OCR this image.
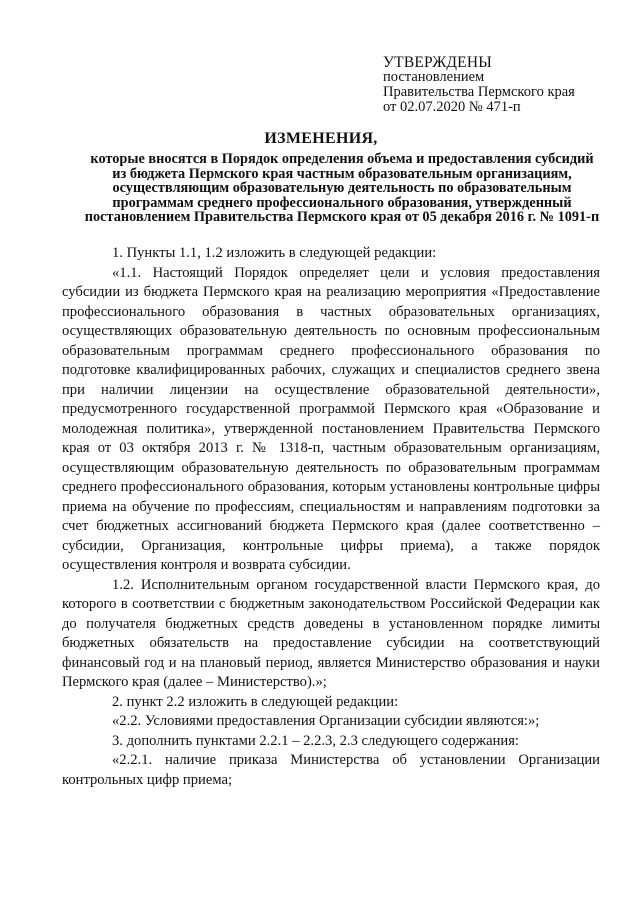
УТВЕРЖДЕНЫ
постановлением
Правительства Пермского края
от 02.07.2020 № 471-п
ИЗМЕНЕНИЯ,
которые вносятся в Порядок определения объема и предоставления субсидий из бюджета Пермского края частным образовательным организациям, осуществляющим образовательную деятельность по образовательным программам среднего профессионального образования, утвержденный постановлением Правительства Пермского края от 05 декабря 2016 г. № 1091-п

1. Пункты 1.1, 1.2 изложить в следующей редакции:

«1.1. Настоящий Порядок определяет цели и условия предоставления субсидии из бюджета Пермского края на реализацию мероприятия «Предоставление профессионального образования в частных образовательных организациях, осуществляющих образовательную деятельность по основным профессиональным образовательным программам среднего профессионального образования по подготовке квалифицированных рабочих, служащих и специалистов среднего звена при наличии лицензии на осуществление образовательной деятельности», предусмотренного государственной программой Пермского края «Образование и молодежная политика», утвержденной постановлением Правительства Пермского края от 03 октября 2013 г. № 1318-п, частным образовательным организациям, осуществляющим образовательную деятельность по образовательным программам среднего профессионального образования, которым установлены контрольные цифры приема на обучение по профессиям, специальностям и направлениям подготовки за счет бюджетных ассигнований бюджета Пермского края (далее соответственно – субсидии, Организация, контрольные цифры приема), а также порядок осуществления контроля и возврата субсидии.

1.2. Исполнительным органом государственной власти Пермского края, до которого в соответствии с бюджетным законодательством Российской Федерации как до получателя бюджетных средств доведены в установленном порядке лимиты бюджетных обязательств на предоставление субсидии на соответствующий финансовый год и на плановый период, является Министерство образования и науки Пермского края (далее – Министерство).»;

2. пункт 2.2 изложить в следующей редакции:

«2.2. Условиями предоставления Организации субсидии являются:»;

3. дополнить пунктами 2.2.1 – 2.2.3, 2.3 следующего содержания:

«2.2.1. наличие приказа Министерства об установлении Организации контрольных цифр приема;
